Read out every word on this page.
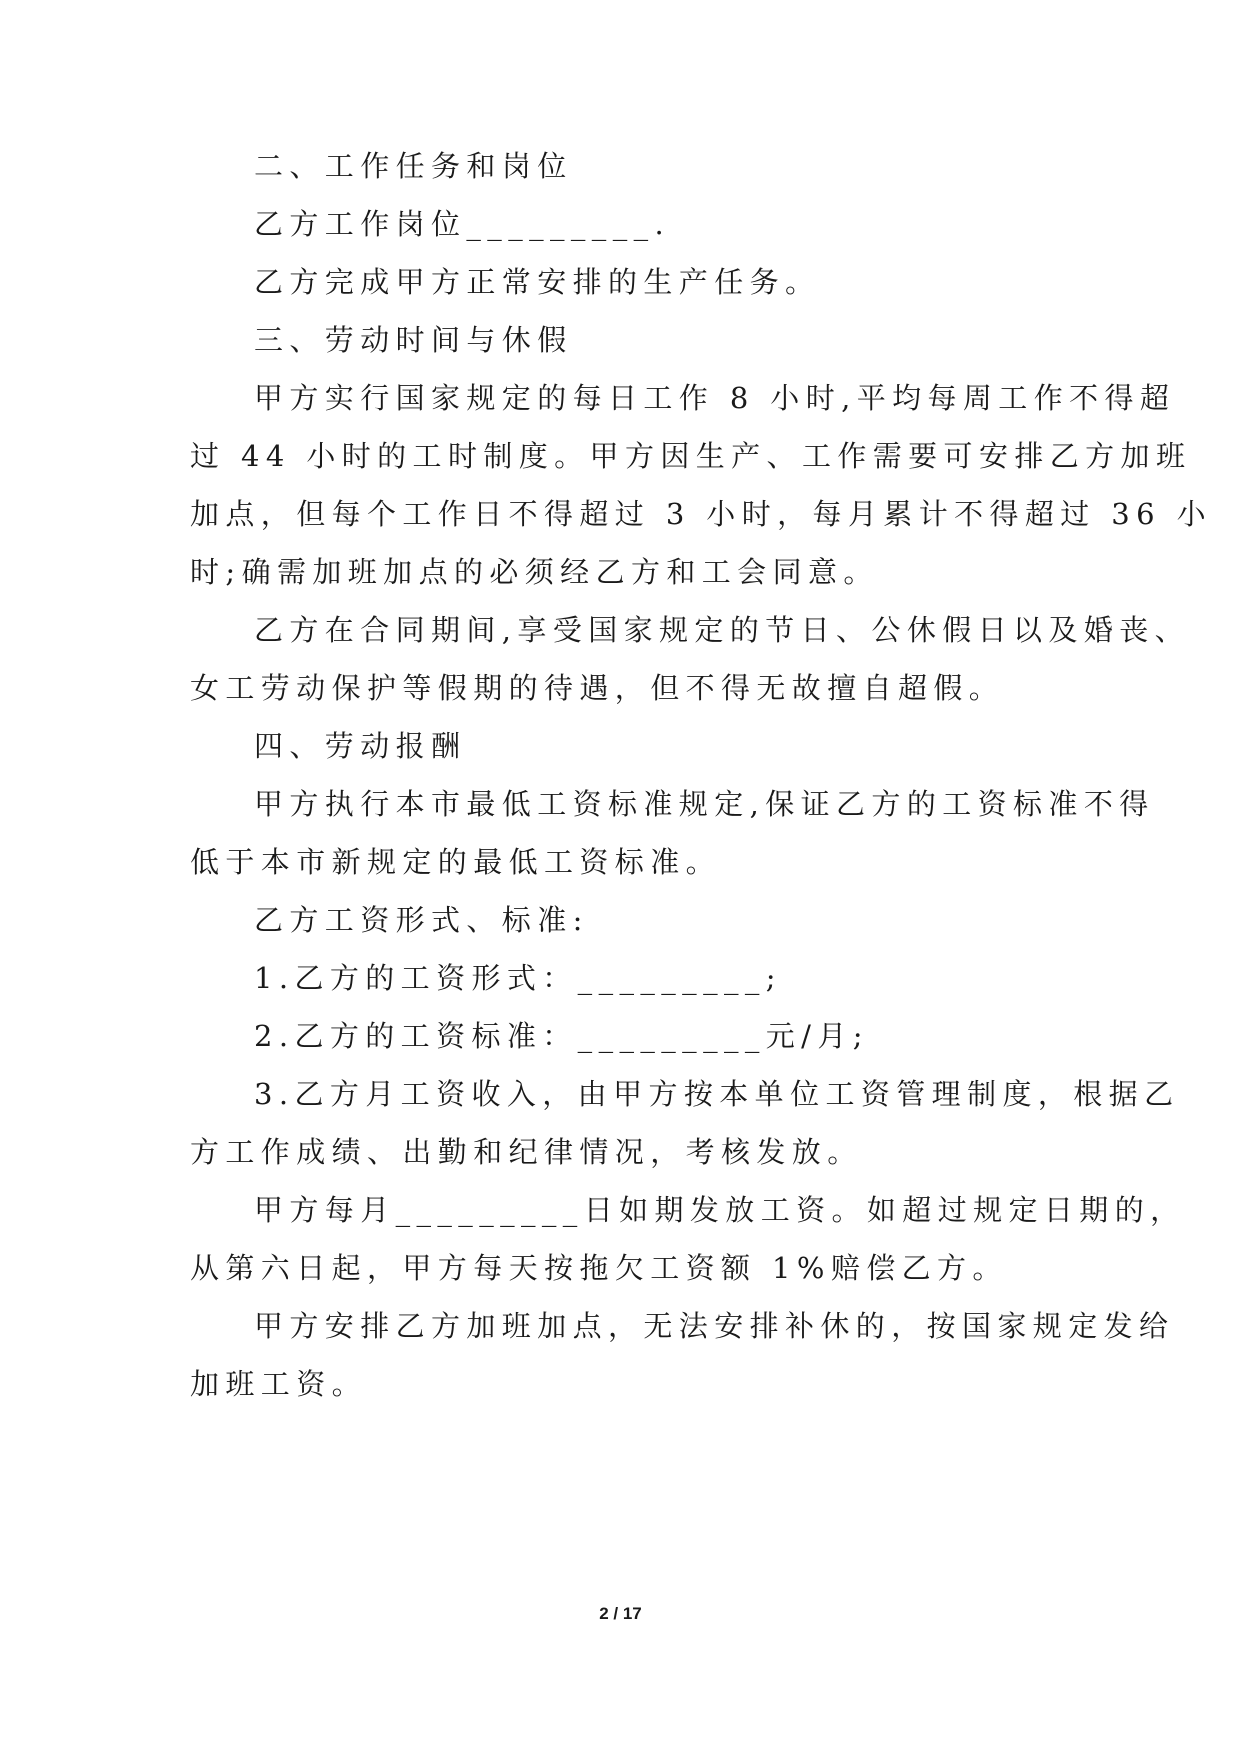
二、工作任务和岗位
乙方工作岗位_________.
乙方完成甲方正常安排的生产任务。
三、劳动时间与休假
甲方实行国家规定的每日工作 8 小时,平均每周工作不得超
过 44 小时的工时制度。甲方因生产、工作需要可安排乙方加班
加点，但每个工作日不得超过 3 小时，每月累计不得超过 36 小
时;确需加班加点的必须经乙方和工会同意。
乙方在合同期间,享受国家规定的节日、公休假日以及婚丧、
女工劳动保护等假期的待遇，但不得无故擅自超假。
四、劳动报酬
甲方执行本市最低工资标准规定,保证乙方的工资标准不得
低于本市新规定的最低工资标准。
乙方工资形式、标准:
1.乙方的工资形式：_________;
2.乙方的工资标准：_________元/月;
3.乙方月工资收入，由甲方按本单位工资管理制度，根据乙
方工作成绩、出勤和纪律情况，考核发放。
甲方每月_________日如期发放工资。如超过规定日期的，
从第六日起，甲方每天按拖欠工资额 1%赔偿乙方。
甲方安排乙方加班加点，无法安排补休的，按国家规定发给
加班工资。
2 / 17
